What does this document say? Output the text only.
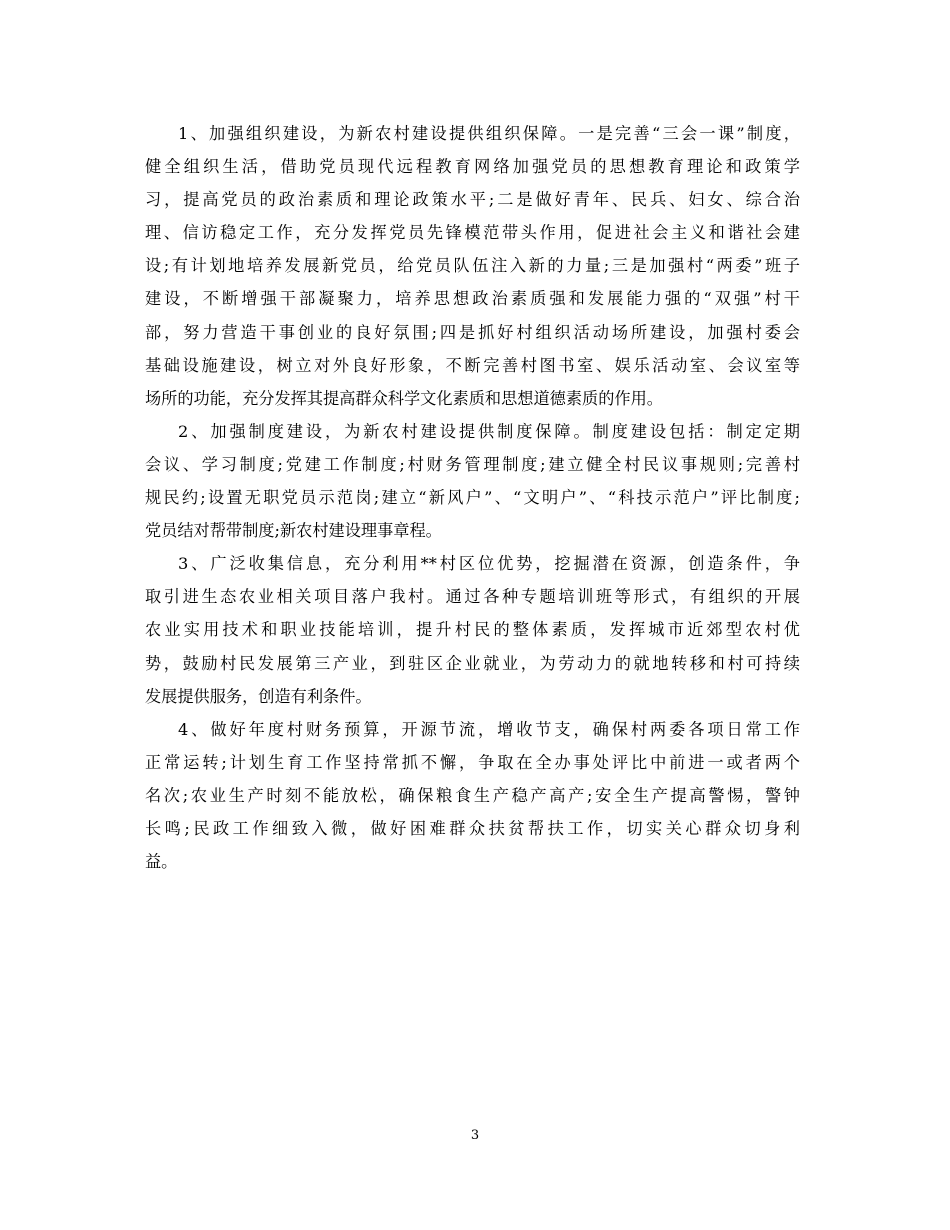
1、加强组织建设，为新农村建设提供组织保障。一是完善“三会一课”制度，
健全组织生活，借助党员现代远程教育网络加强党员的思想教育理论和政策学
习，提高党员的政治素质和理论政策水平;二是做好青年、民兵、妇女、综合治
理、信访稳定工作，充分发挥党员先锋模范带头作用，促进社会主义和谐社会建
设;有计划地培养发展新党员，给党员队伍注入新的力量;三是加强村“两委”班子
建设，不断增强干部凝聚力，培养思想政治素质强和发展能力强的“双强”村干
部，努力营造干事创业的良好氛围;四是抓好村组织活动场所建设，加强村委会
基础设施建设，树立对外良好形象，不断完善村图书室、娱乐活动室、会议室等
场所的功能，充分发挥其提高群众科学文化素质和思想道德素质的作用。
2、加强制度建设，为新农村建设提供制度保障。制度建设包括：制定定期
会议、学习制度;党建工作制度;村财务管理制度;建立健全村民议事规则;完善村
规民约;设置无职党员示范岗;建立“新风户”、“文明户”、“科技示范户”评比制度;
党员结对帮带制度;新农村建设理事章程。
3、广泛收集信息，充分利用**村区位优势，挖掘潜在资源，创造条件，争
取引进生态农业相关项目落户我村。通过各种专题培训班等形式，有组织的开展
农业实用技术和职业技能培训，提升村民的整体素质，发挥城市近郊型农村优
势，鼓励村民发展第三产业，到驻区企业就业，为劳动力的就地转移和村可持续
发展提供服务，创造有利条件。
4、做好年度村财务预算，开源节流，增收节支，确保村两委各项日常工作
正常运转;计划生育工作坚持常抓不懈，争取在全办事处评比中前进一或者两个
名次;农业生产时刻不能放松，确保粮食生产稳产高产;安全生产提高警惕，警钟
长鸣;民政工作细致入微，做好困难群众扶贫帮扶工作，切实关心群众切身利
益。
3
